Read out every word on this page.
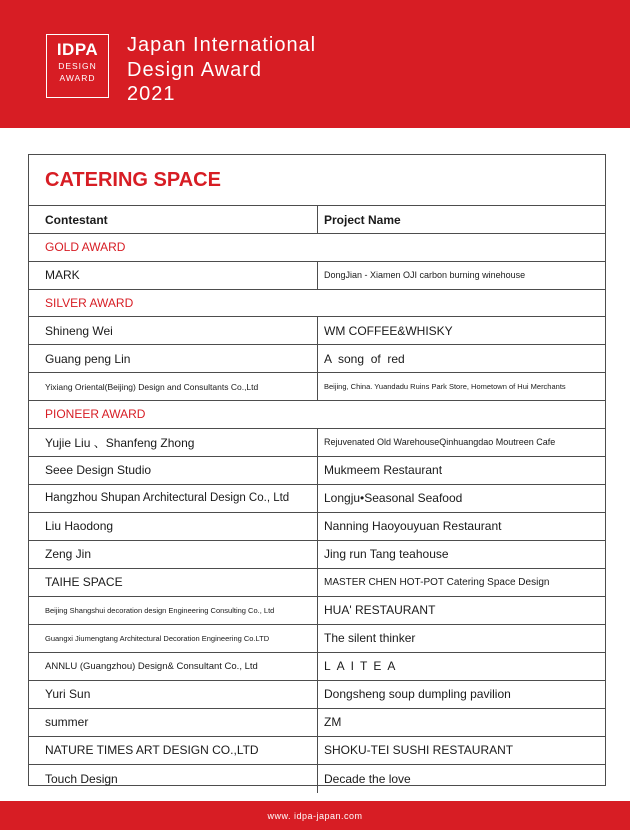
IDPA
DESIGN
AWARD
Japan International
Design Award
2021
CATERING SPACE
Contestant	Project Name
GOLD AWARD
MARK	DongJian - Xiamen OJI carbon burning winehouse
SILVER AWARD
Shineng Wei	WM COFFEE&WHISKY
Guang peng Lin	A  song  of  red
Yixiang Oriental(Beijing) Design and Consultants Co.,Ltd	Beijing, China. Yuandadu Ruins Park Store, Hometown of Hui Merchants
PIONEER AWARD
Yujie Liu 、Shanfeng Zhong	Rejuvenated Old WarehouseQinhuangdao Moutreen Cafe
Seee Design Studio	Mukmeem Restaurant
Hangzhou Shupan Architectural Design Co., Ltd	Longju•Seasonal Seafood
Liu Haodong	Nanning Haoyouyuan Restaurant
Zeng Jin	Jing run Tang teahouse
TAIHE SPACE	MASTER CHEN HOT-POT Catering Space Design
Beijing Shangshui decoration design Engineering Consulting Co., Ltd	HUA' RESTAURANT
Guangxi Jiumengtang Architectural Decoration Engineering Co.LTD	The silent thinker
ANNLU (Guangzhou) Design& Consultant Co., Ltd	LAITEA
Yuri Sun	Dongsheng soup dumpling pavilion
summer	ZM
NATURE TIMES ART DESIGN CO.,LTD	SHOKU-TEI SUSHI RESTAURANT
Touch Design	Decade the love
www. idpa-japan.com
